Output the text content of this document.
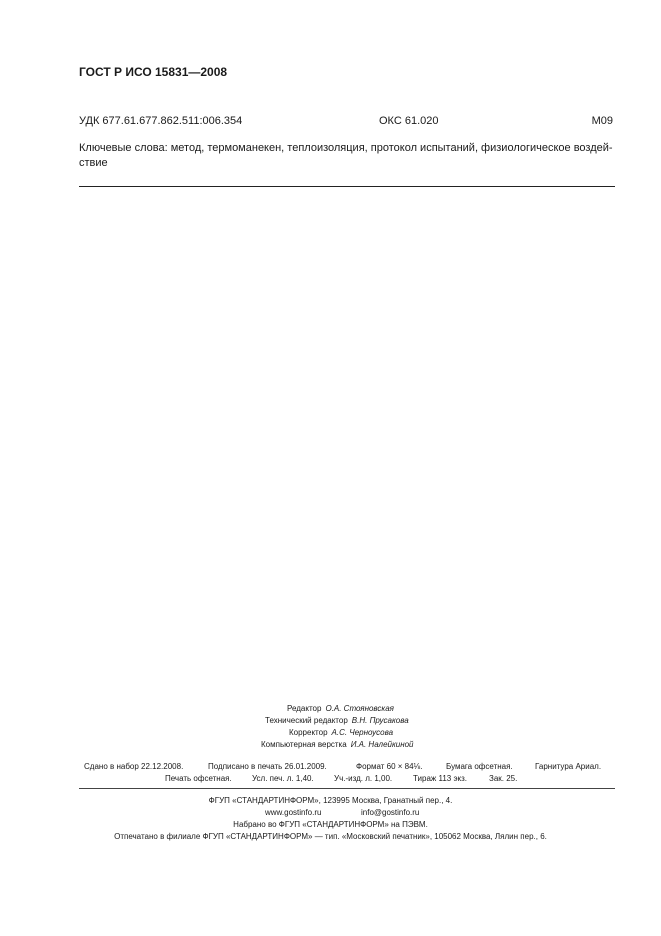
ГОСТ Р ИСО 15831—2008
УДК 677.61.677.862.511:006.354	ОКС 61.020	М09
Ключевые слова: метод, термоманекен, теплоизоляция, протокол испытаний, физиологическое воздей-ствие
Редактор О.А. Стояновская
Технический редактор В.Н. Прусакова
Корректор А.С. Черноусова
Компьютерная верстка И.А. Налейкиной
Сдано в набор 22.12.2008.	Подписано в печать 26.01.2009.	Формат 60 × 84⅛.	Бумага офсетная.	Гарнитура Ариал.
Печать офсетная.	Усл. печ. л. 1,40.	Уч.-изд. л. 1,00.	Тираж 113 экз.	Зак. 25.
ФГУП «СТАНДАРТИНФОРМ», 123995 Москва, Гранатный пер., 4.
www.gostinfo.ru	info@gostinfo.ru
Набрано во ФГУП «СТАНДАРТИНФОРМ» на ПЭВМ.
Отпечатано в филиале ФГУП «СТАНДАРТИНФОРМ» — тип. «Московский печатник», 105062 Москва, Лялин пер., 6.
